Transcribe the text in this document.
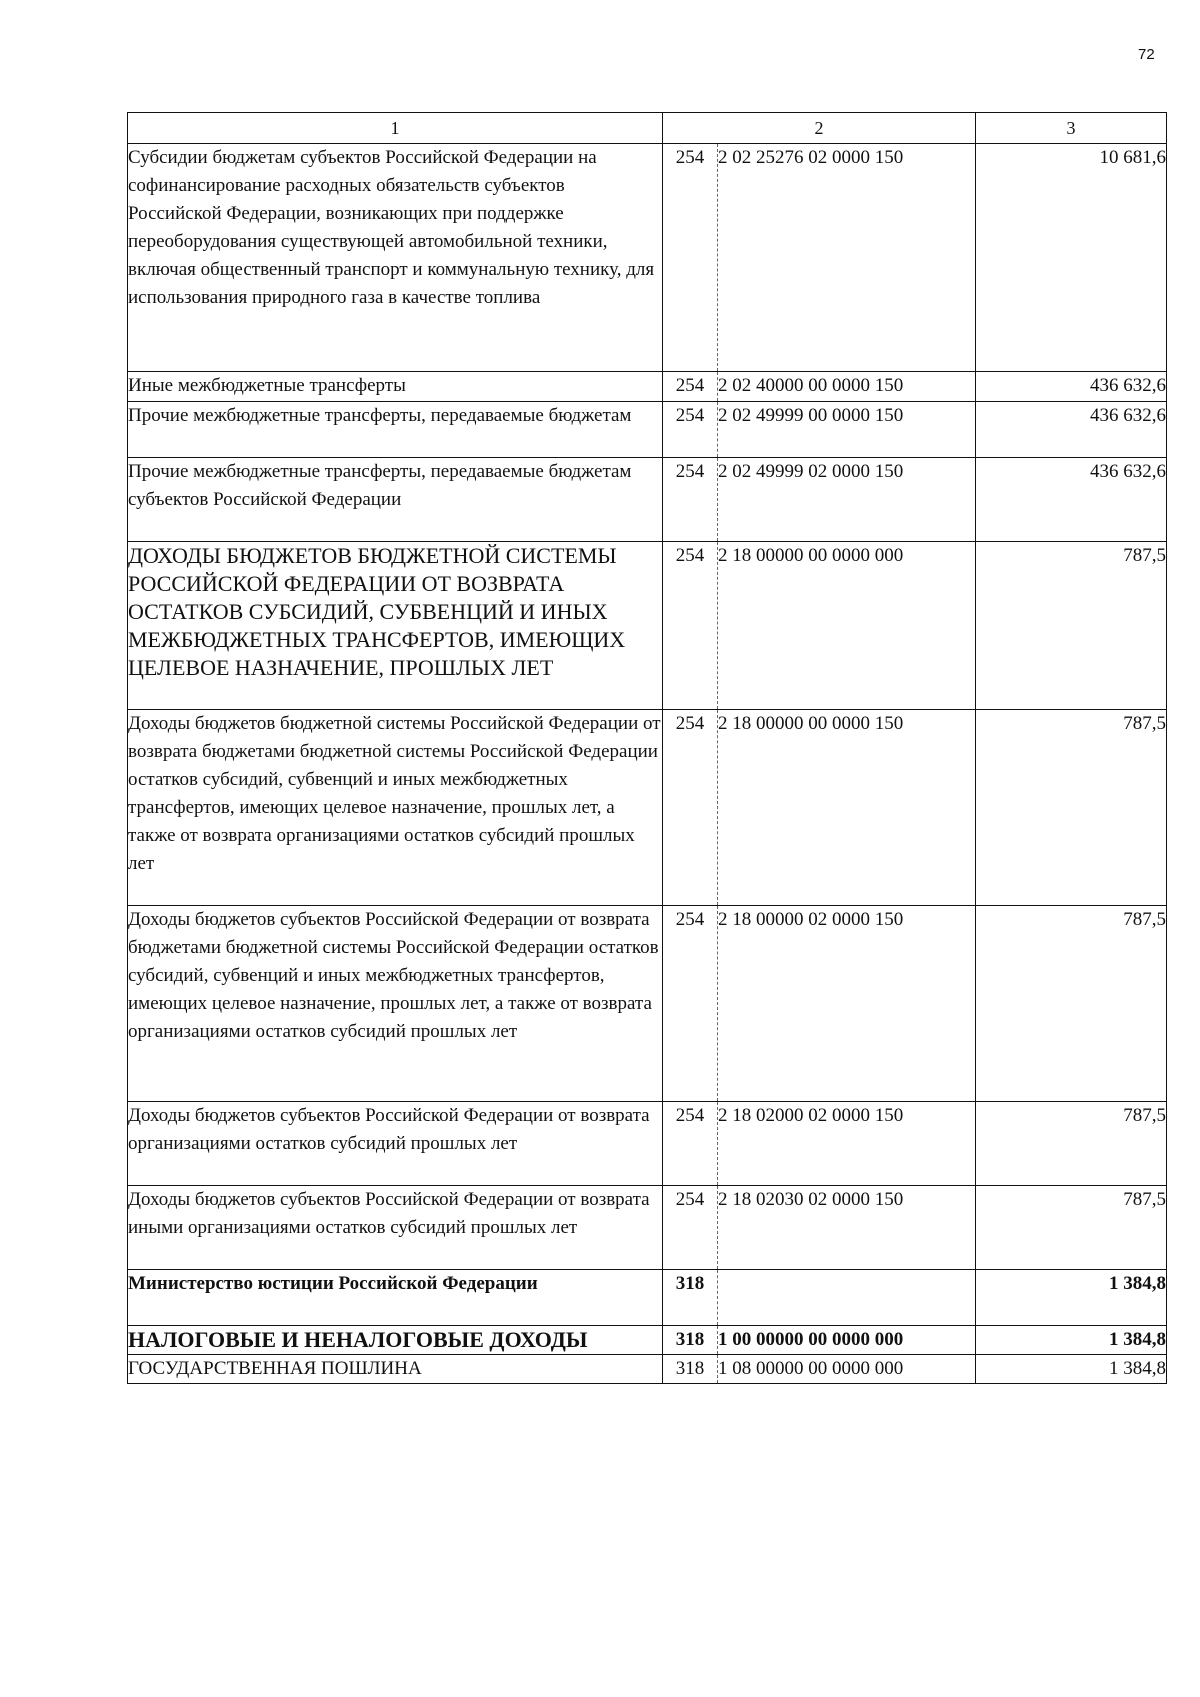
72
1	2		3
Субсидии бюджетам субъектов Российской Федерации на софинансирование расходных обязательств субъектов Российской Федерации, возникающих при поддержке переоборудования существующей автомобильной техники, включая общественный транспорт и коммунальную технику, для использования природного газа в качестве топлива	254	2 02 25276 02 0000 150	10 681,6
Иные межбюджетные трансферты	254	2 02 40000 00 0000 150	436 632,6
Прочие межбюджетные трансферты, передаваемые бюджетам	254	2 02 49999 00 0000 150	436 632,6
Прочие межбюджетные трансферты, передаваемые бюджетам субъектов Российской Федерации	254	2 02 49999 02 0000 150	436 632,6
ДОХОДЫ БЮДЖЕТОВ БЮДЖЕТНОЙ СИСТЕМЫ РОССИЙСКОЙ ФЕДЕРАЦИИ ОТ ВОЗВРАТА ОСТАТКОВ СУБСИДИЙ, СУБВЕНЦИЙ И ИНЫХ МЕЖБЮДЖЕТНЫХ ТРАНСФЕРТОВ, ИМЕЮЩИХ ЦЕЛЕВОЕ НАЗНАЧЕНИЕ, ПРОШЛЫХ ЛЕТ	254	2 18 00000 00 0000 000	787,5
Доходы бюджетов бюджетной системы Российской Федерации от возврата бюджетами бюджетной системы Российской Федерации остатков субсидий, субвенций и иных межбюджетных трансфертов, имеющих целевое назначение, прошлых лет, а также от возврата организациями остатков субсидий прошлых лет	254	2 18 00000 00 0000 150	787,5
Доходы бюджетов субъектов Российской Федерации от возврата бюджетами бюджетной системы Российской Федерации остатков субсидий, субвенций и иных межбюджетных трансфертов, имеющих целевое назначение, прошлых лет, а также от возврата организациями остатков субсидий прошлых лет	254	2 18 00000 02 0000 150	787,5
Доходы бюджетов субъектов Российской Федерации от возврата организациями остатков субсидий прошлых лет	254	2 18 02000 02 0000 150	787,5
Доходы бюджетов субъектов Российской Федерации от возврата иными организациями остатков субсидий прошлых лет	254	2 18 02030 02 0000 150	787,5
Министерство юстиции Российской Федерации	318		1 384,8
НАЛОГОВЫЕ И НЕНАЛОГОВЫЕ ДОХОДЫ	318	1 00 00000 00 0000 000	1 384,8
ГОСУДАРСТВЕННАЯ ПОШЛИНА	318	1 08 00000 00 0000 000	1 384,8
